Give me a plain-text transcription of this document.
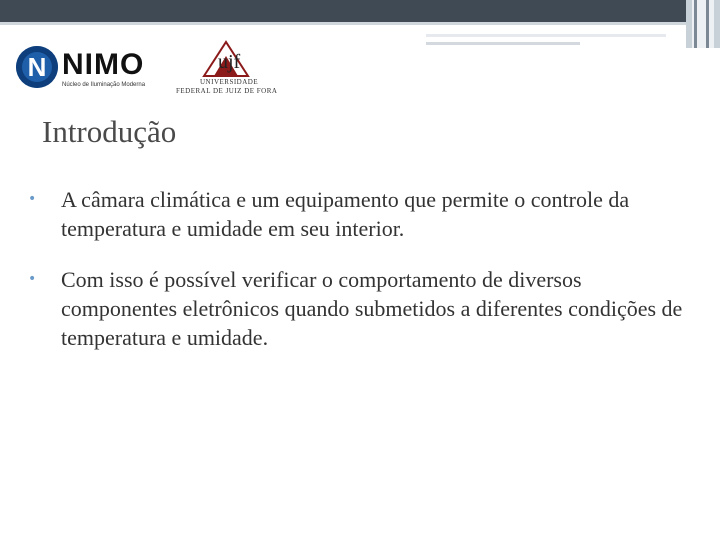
N NIMO
Núcleo de Iluminação Moderna
ujf
UNIVERSIDADE
FEDERAL DE JUIZ DE FORA
Introdução
• A câmara climática e um equipamento que permite o controle da temperatura e umidade em seu interior.
• Com isso é possível verificar o comportamento de diversos componentes eletrônicos quando submetidos a diferentes condições de temperatura e umidade.
